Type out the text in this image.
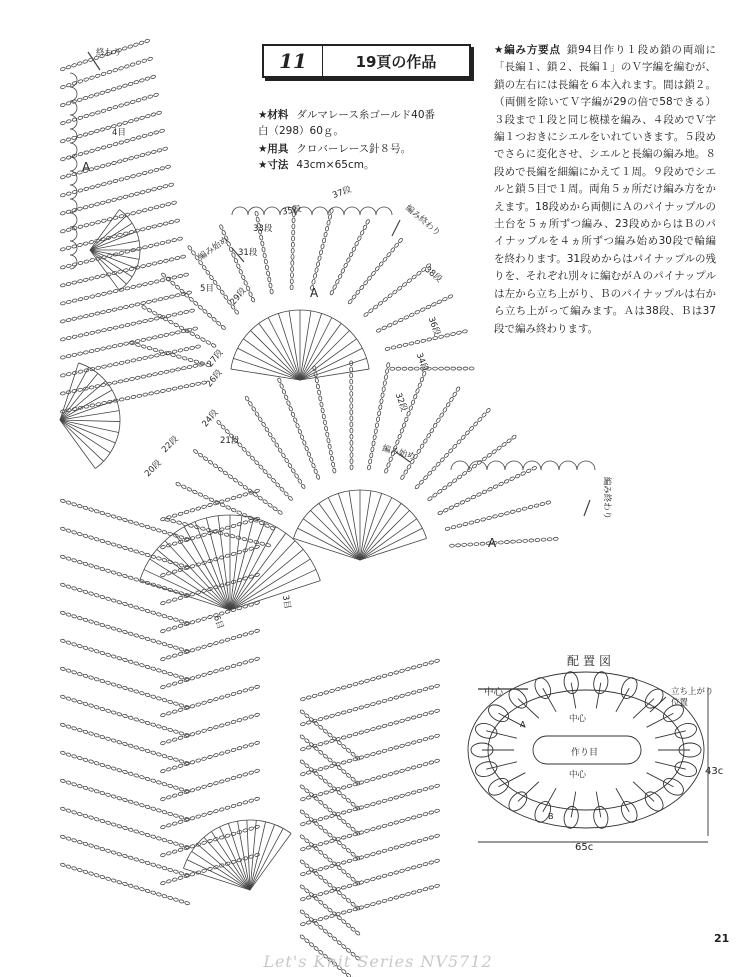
11	19頁の作品
★材料 ダルマレース糸ゴールド40番
白（298）60ｇ。
★用具 クロバーレース針８号。
★寸法 43cm×65cm。
★編み方要点 鎖94目作り１段め鎖の両端に「長編１、鎖２、長編１」のＶ字編を編むが、鎖の左右には長編を６本入れます。間は鎖２。（両側を除いてＶ字編が29の倍で58できる）３段まで１段と同じ模様を編み、４段めでＶ字編１つおきにシエルをいれていきます。５段めでさらに変化させ、シエルと長編の編み地。８段めで長編を細編にかえて１周。９段めでシエルと鎖５目で１周。両角５ヵ所だけ編み方をかえます。18段めから両側にＡのパイナップルの土台を５ヵ所ずつ編み、23段めからはＢのパイナップルを４ヵ所ずつ編み始め30段で輪編を終わります。31段めからはパイナップルの残りを、それぞれ別々に編むがＡのパイナップルは左から立ち上がり、Ｂのパイナップルは右から立ち上がって編みます。Ａは38段、Ｂは37段で編み終わります。
終わり
37段
35段
33段
31段
29段
27段
26段
24段
22段
20段
21段
34段
32段
36段
38段
4目
5目
6目
3目
A
A
A
編み始め
編み始め
編み終わり
編み終わり
配置図
中心
中心
中心
作り目
立ち上がり位置
43c
65c
A
B
21
Let's Knit Series NV5712
